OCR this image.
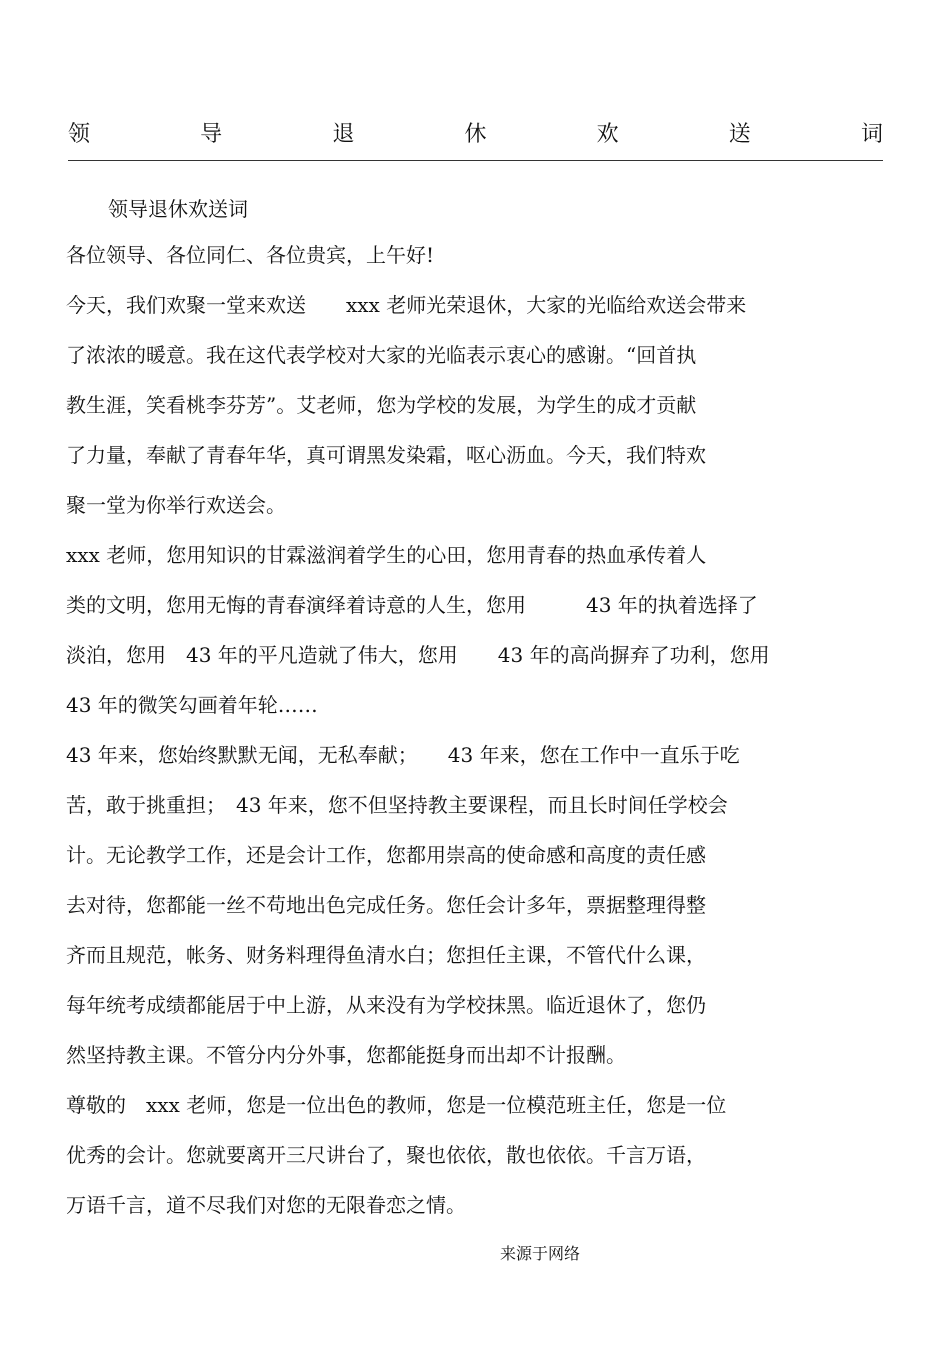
领	导	退	休	欢	送	词
领导退休欢送词
各位领导、各位同仁、各位贵宾，上午好!
今天，我们欢聚一堂来欢送　　xxx 老师光荣退休，大家的光临给欢送会带来
了浓浓的暖意。我在这代表学校对大家的光临表示衷心的感谢。“回首执
教生涯，笑看桃李芬芳”。艾老师，您为学校的发展，为学生的成才贡献
了力量，奉献了青春年华，真可谓黑发染霜，呕心沥血。今天，我们特欢
聚一堂为你举行欢送会。
xxx 老师，您用知识的甘霖滋润着学生的心田，您用青春的热血承传着人
类的文明，您用无悔的青春演绎着诗意的人生，您用　　　43 年的执着选择了
淡泊，您用　43 年的平凡造就了伟大，您用　　43 年的高尚摒弃了功利，您用
43 年的微笑勾画着年轮……
43 年来，您始终默默无闻，无私奉献；　　43 年来，您在工作中一直乐于吃
苦，敢于挑重担；　43 年来，您不但坚持教主要课程，而且长时间任学校会
计。无论教学工作，还是会计工作，您都用崇高的使命感和高度的责任感
去对待，您都能一丝不苟地出色完成任务。您任会计多年，票据整理得整
齐而且规范，帐务、财务料理得鱼清水白；您担任主课，不管代什么课，
每年统考成绩都能居于中上游，从来没有为学校抹黑。临近退休了，您仍
然坚持教主课。不管分内分外事，您都能挺身而出却不计报酬。
尊敬的　xxx 老师，您是一位出色的教师，您是一位模范班主任，您是一位
优秀的会计。您就要离开三尺讲台了，聚也依依，散也依依。千言万语，
万语千言，道不尽我们对您的无限眷恋之情。
来源于网络
